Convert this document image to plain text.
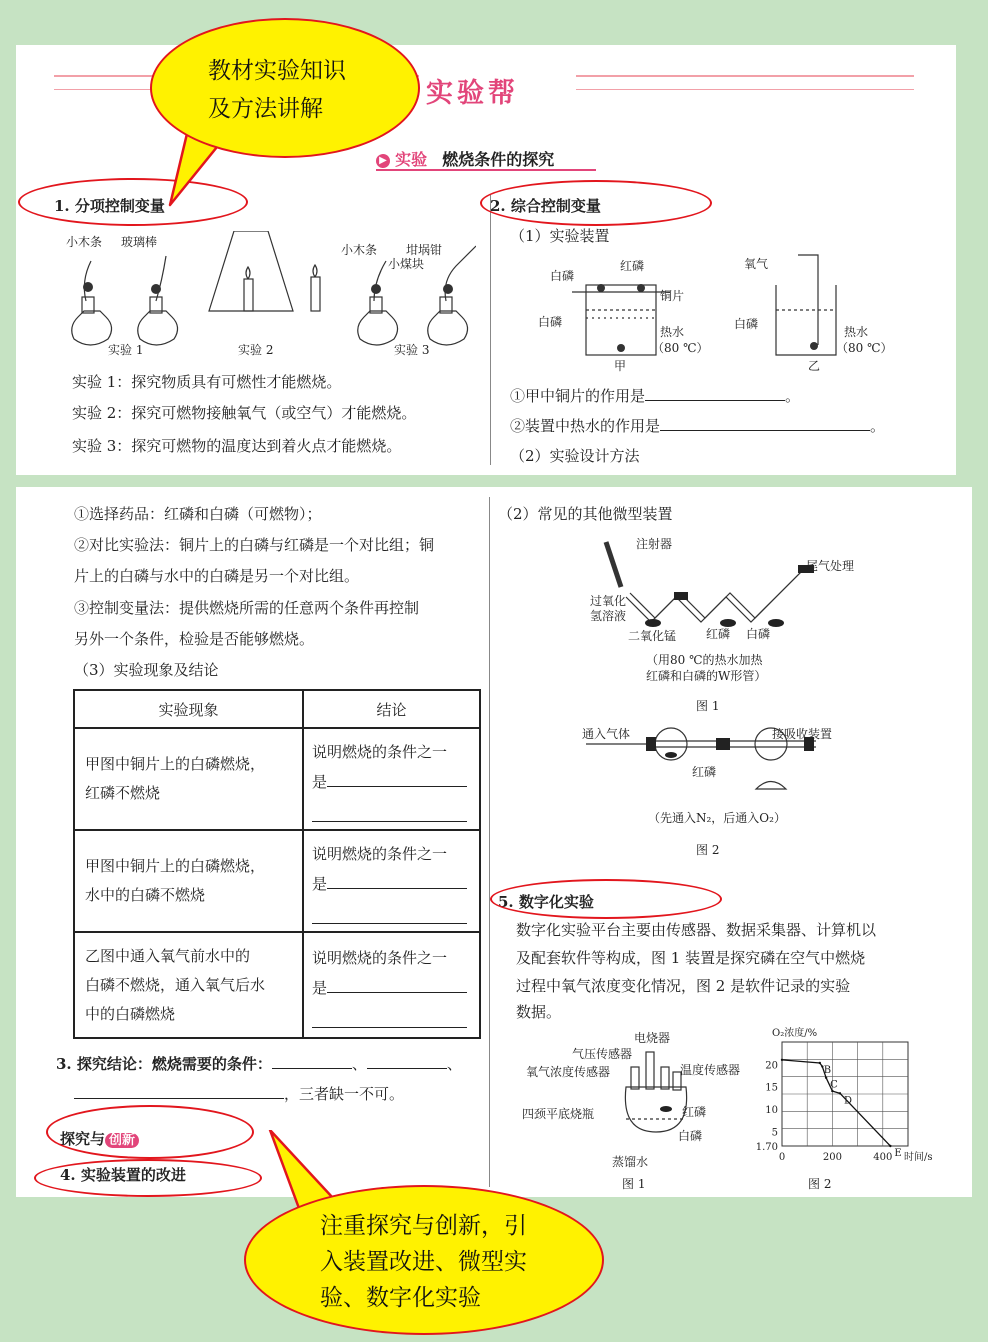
实验帮
▶ 实验 燃烧条件的探究
1. 分项控制变量
小木条 玻璃棒
小木条
小煤块
坩埚钳
实验 1	实验 2	实验 3
实验 1：探究物质具有可燃性才能燃烧。
实验 2：探究可燃物接触氧气（或空气）才能燃烧。
实验 3：探究可燃物的温度达到着火点才能燃烧。
2. 综合控制变量
（1）实验装置
白磷
红磷
铜片
白磷
热水
（80 ℃）
甲
氧气
白磷
热水
（80 ℃）
乙
①甲中铜片的作用是	。
②装置中热水的作用是	。
（2）实验设计方法
①选择药品：红磷和白磷（可燃物）；
②对比实验法：铜片上的白磷与红磷是一个对比组；铜
片上的白磷与水中的白磷是另一个对比组。
③控制变量法：提供燃烧所需的任意两个条件再控制
另外一个条件，检验是否能够燃烧。
（3）实验现象及结论
实验现象	结论
甲图中铜片上的白磷燃烧，
红磷不燃烧	说明燃烧的条件之一
是

甲图中铜片上的白磷燃烧，
水中的白磷不燃烧	说明燃烧的条件之一
是

乙图中通入氧气前水中的
白磷不燃烧，通入氧气后水
中的白磷燃烧	说明燃烧的条件之一
是
3. 探究结论：燃烧需要的条件：	、	、
，三者缺一不可。
探究与 创新
4. 实验装置的改进
（2）常见的其他微型装置
注射器
尾气处理
过氧化
氢溶液
二氧化锰 红磷 白磷
（用80 ℃的热水加热
红磷和白磷的W形管）
图 1
通入气体	接吸收装置
红磷
（先通入N₂，后通入O₂）
图 2
5. 数字化实验
数字化实验平台主要由传感器、数据采集器、计算机以
及配套软件等构成，图 1 装置是探究磷在空气中燃烧
过程中氧气浓度变化情况，图 2 是软件记录的实验
数据。
电烧器
气压传感器
氧气浓度传感器	温度传感器
四颈平底烧瓶	红磷
白磷
蒸馏水
图 1
1.70
5
10
15
20
0	200	400
O₂浓度/%
时间/s
B
C
D
E
图 2
教材实验知识
及方法讲解
注重探究与创新，引
入装置改进、微型实
验、数字化实验
